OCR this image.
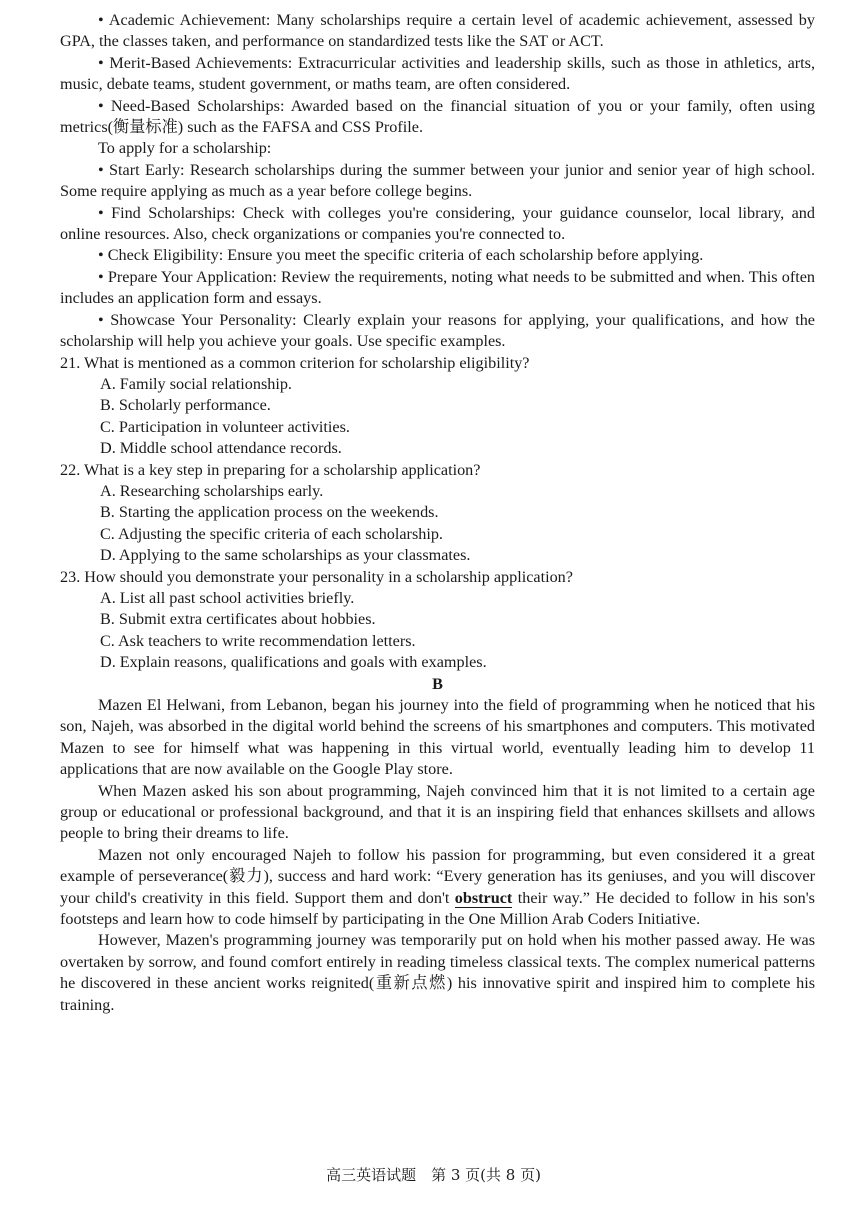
• Academic Achievement: Many scholarships require a certain level of academic achievement, assessed by GPA, the classes taken, and performance on standardized tests like the SAT or ACT.

• Merit-Based Achievements: Extracurricular activities and leadership skills, such as those in athletics, arts, music, debate teams, student government, or maths team, are often considered.

• Need-Based Scholarships: Awarded based on the financial situation of you or your family, often using metrics(衡量标准) such as the FAFSA and CSS Profile.

To apply for a scholarship:

• Start Early: Research scholarships during the summer between your junior and senior year of high school. Some require applying as much as a year before college begins.

• Find Scholarships: Check with colleges you're considering, your guidance counselor, local library, and online resources. Also, check organizations or companies you're connected to.

• Check Eligibility: Ensure you meet the specific criteria of each scholarship before applying.

• Prepare Your Application: Review the requirements, noting what needs to be submitted and when. This often includes an application form and essays.

• Showcase Your Personality: Clearly explain your reasons for applying, your qualifications, and how the scholarship will help you achieve your goals. Use specific examples.

21. What is mentioned as a common criterion for scholarship eligibility?

A. Family social relationship.

B. Scholarly performance.

C. Participation in volunteer activities.

D. Middle school attendance records.

22. What is a key step in preparing for a scholarship application?

A. Researching scholarships early.

B. Starting the application process on the weekends.

C. Adjusting the specific criteria of each scholarship.

D. Applying to the same scholarships as your classmates.

23. How should you demonstrate your personality in a scholarship application?

A. List all past school activities briefly.

B. Submit extra certificates about hobbies.

C. Ask teachers to write recommendation letters.

D. Explain reasons, qualifications and goals with examples.

B

Mazen El Helwani, from Lebanon, began his journey into the field of programming when he noticed that his son, Najeh, was absorbed in the digital world behind the screens of his smartphones and computers. This motivated Mazen to see for himself what was happening in this virtual world, eventually leading him to develop 11 applications that are now available on the Google Play store.

When Mazen asked his son about programming, Najeh convinced him that it is not limited to a certain age group or educational or professional background, and that it is an inspiring field that enhances skillsets and allows people to bring their dreams to life.

Mazen not only encouraged Najeh to follow his passion for programming, but even considered it a great example of perseverance(毅力), success and hard work: “Every generation has its geniuses, and you will discover your child's creativity in this field. Support them and don't obstruct their way.” He decided to follow in his son's footsteps and learn how to code himself by participating in the One Million Arab Coders Initiative.

However, Mazen's programming journey was temporarily put on hold when his mother passed away. He was overtaken by sorrow, and found comfort entirely in reading timeless classical texts. The complex numerical patterns he discovered in these ancient works reignited(重新点燃) his innovative spirit and inspired him to complete his training.

高三英语试题　第 3 页(共 8 页)
